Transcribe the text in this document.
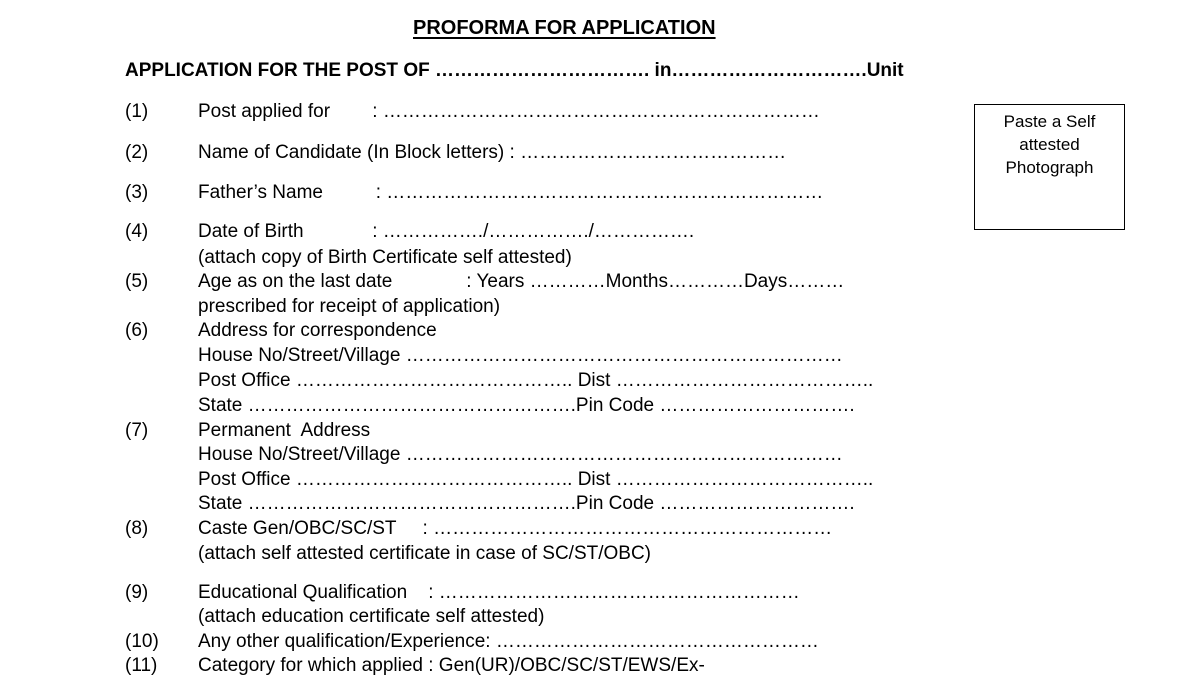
PROFORMA FOR APPLICATION
APPLICATION FOR THE POST OF ……………………………. in………………………….Unit
Paste a Self
attested
Photograph
(1)	Post applied for        : ……………………………………………………………
(2)	Name of Candidate (In Block letters) : ……………………………………
(3)	Father’s Name          : ……………………………………………………………
(4)	Date of Birth             : ……………./……………./…………….
(attach copy of Birth Certificate self attested)
(5)	Age as on the last date              : Years …………Months…………Days………
prescribed for receipt of application)
(6)	Address for correspondence
House No/Street/Village ……………………………………………………………
Post Office …………………………………….. Dist …………………………………..
State …………………………………………….Pin Code ………………………….
(7)	Permanent  Address
House No/Street/Village ……………………………………………………………
Post Office …………………………………….. Dist …………………………………..
State …………………………………………….Pin Code ………………………….
(8)	Caste Gen/OBC/SC/ST     : ………………………………………………………
(attach self attested certificate in case of SC/ST/OBC)
(9)	Educational Qualification    : …………………………………………………
(attach education certificate self attested)
(10) Any other qualification/Experience: ……………………………………………
(11) Category for which applied : Gen(UR)/OBC/SC/ST/EWS/Ex-
